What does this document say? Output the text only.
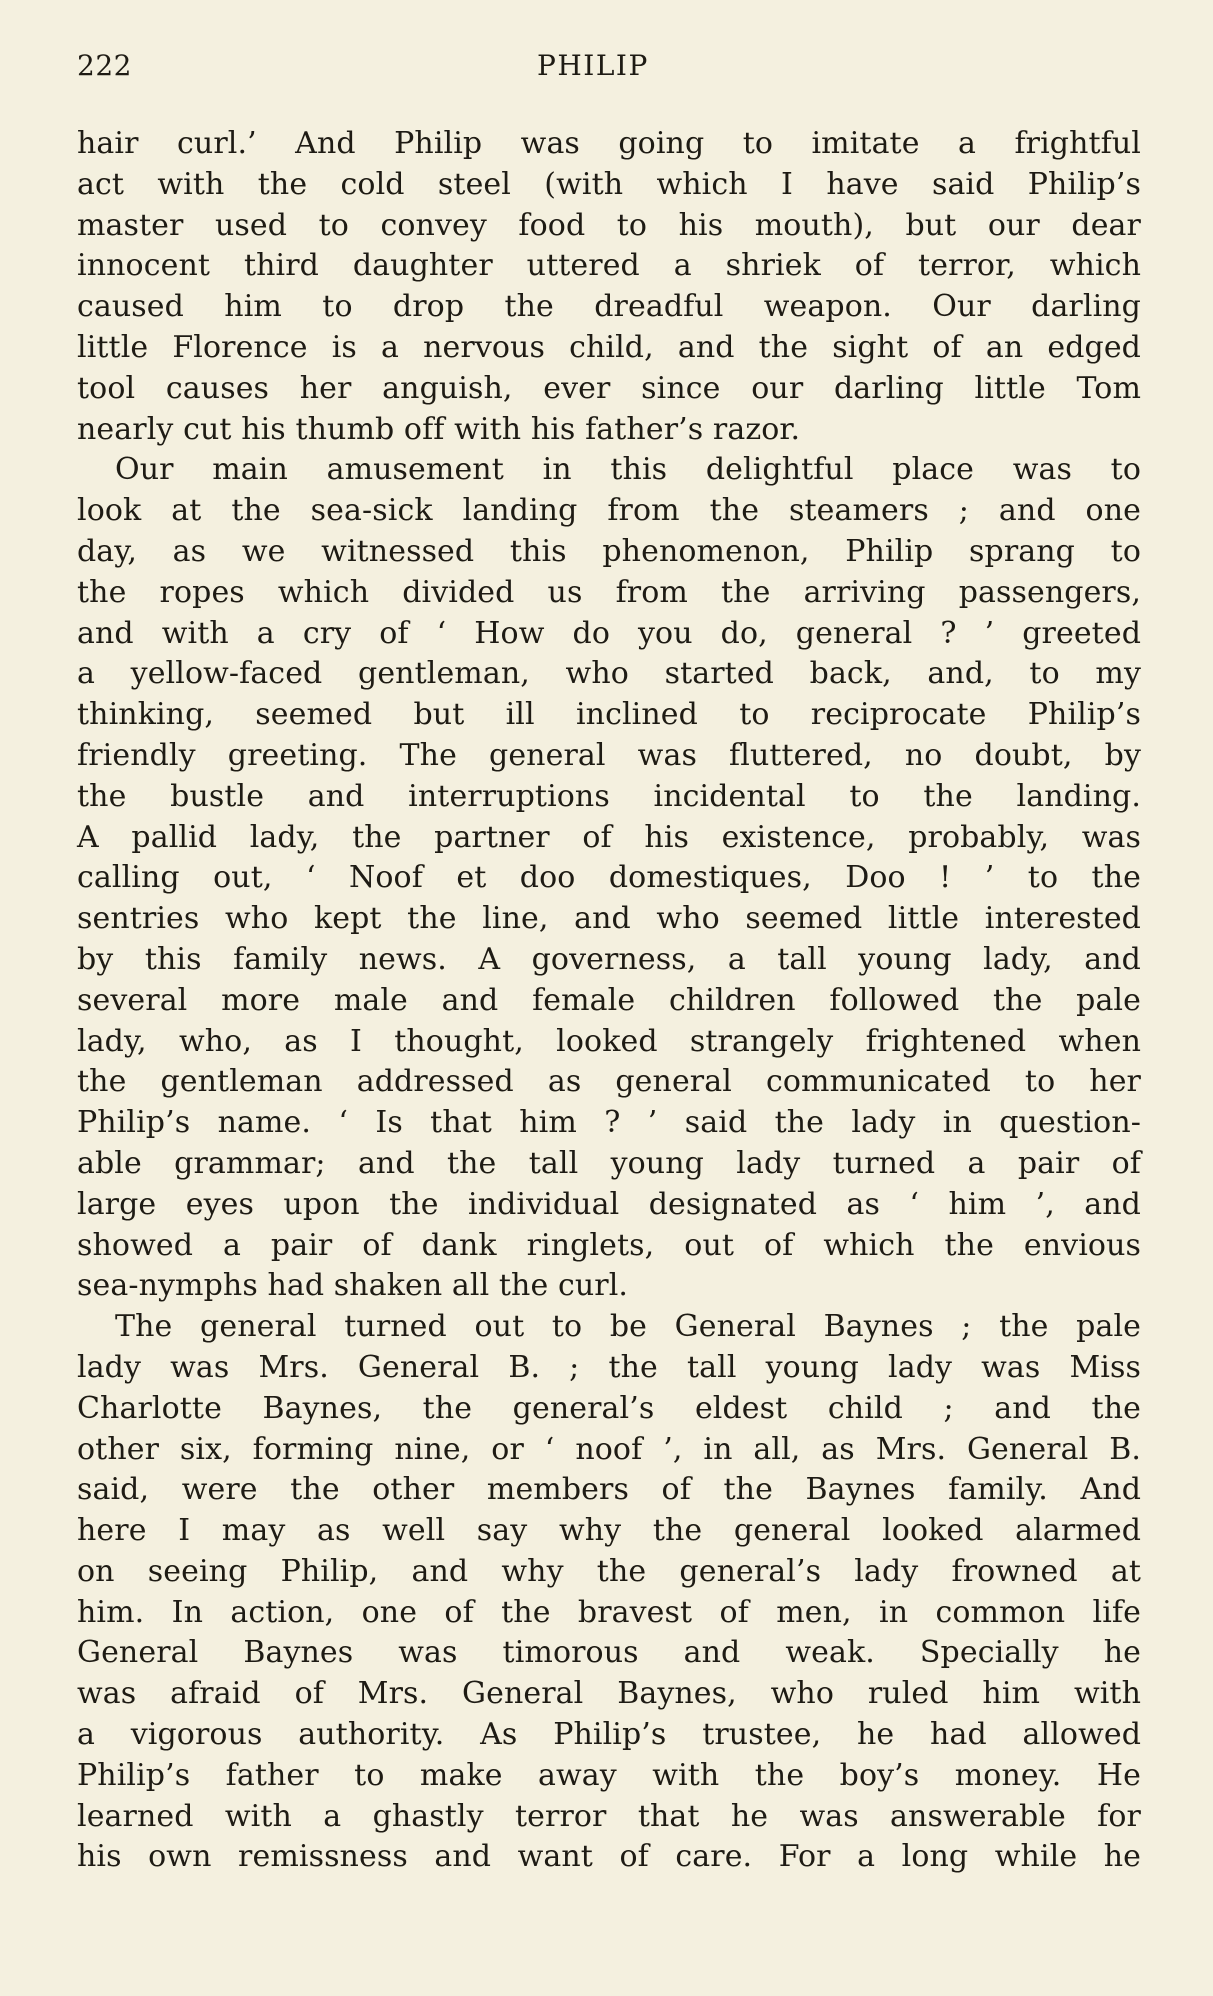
222	PHILIP
hair curl.’ And Philip was going to imitate a frightful
act with the cold steel (with which I have said Philip’s
master used to convey food to his mouth), but our dear
innocent third daughter uttered a shriek of terror, which
caused him to drop the dreadful weapon. Our darling
little Florence is a nervous child, and the sight of an edged
tool causes her anguish, ever since our darling little Tom
nearly cut his thumb off with his father’s razor.
Our main amusement in this delightful place was to
look at the sea-sick landing from the steamers ; and one
day, as we witnessed this phenomenon, Philip sprang to
the ropes which divided us from the arriving passengers,
and with a cry of ‘ How do you do, general ? ’ greeted
a yellow-faced gentleman, who started back, and, to my
thinking, seemed but ill inclined to reciprocate Philip’s
friendly greeting. The general was fluttered, no doubt, by
the bustle and interruptions incidental to the landing.
A pallid lady, the partner of his existence, probably, was
calling out, ‘ Noof et doo domestiques, Doo ! ’ to the
sentries who kept the line, and who seemed little interested
by this family news. A governess, a tall young lady, and
several more male and female children followed the pale
lady, who, as I thought, looked strangely frightened when
the gentleman addressed as general communicated to her
Philip’s name. ‘ Is that him ? ’ said the lady in question-
able grammar; and the tall young lady turned a pair of
large eyes upon the individual designated as ‘ him ’, and
showed a pair of dank ringlets, out of which the envious
sea-nymphs had shaken all the curl.
The general turned out to be General Baynes ; the pale
lady was Mrs. General B. ; the tall young lady was Miss
Charlotte Baynes, the general’s eldest child ; and the
other six, forming nine, or ‘ noof ’, in all, as Mrs. General B.
said, were the other members of the Baynes family. And
here I may as well say why the general looked alarmed
on seeing Philip, and why the general’s lady frowned at
him. In action, one of the bravest of men, in common life
General Baynes was timorous and weak. Specially he
was afraid of Mrs. General Baynes, who ruled him with
a vigorous authority. As Philip’s trustee, he had allowed
Philip’s father to make away with the boy’s money. He
learned with a ghastly terror that he was answerable for
his own remissness and want of care. For a long while he
